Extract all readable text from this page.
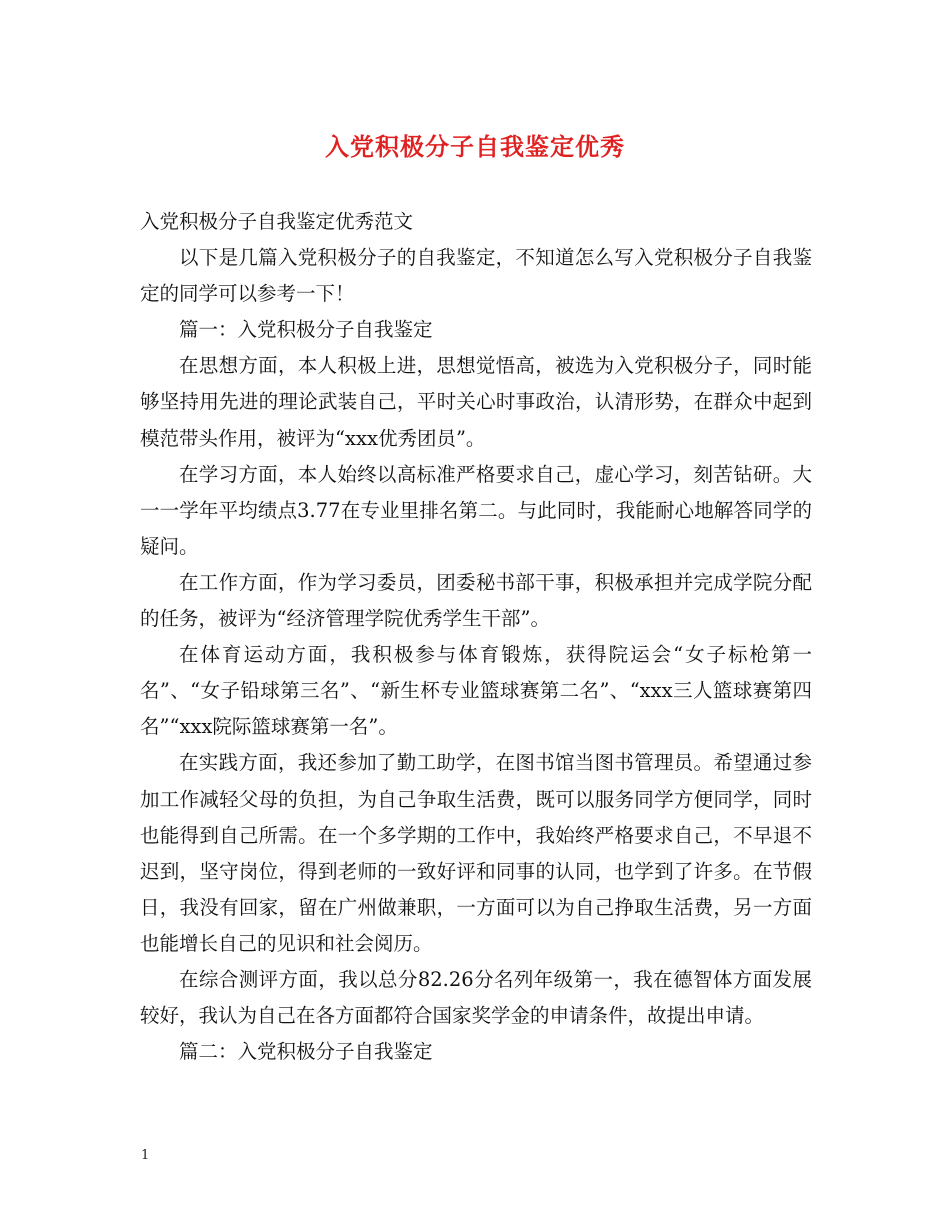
入党积极分子自我鉴定优秀

入党积极分子自我鉴定优秀范文

以下是几篇入党积极分子的自我鉴定，不知道怎么写入党积极分子自我鉴定的同学可以参考一下！

篇一：入党积极分子自我鉴定

在思想方面，本人积极上进，思想觉悟高，被选为入党积极分子，同时能够坚持用先进的理论武装自己，平时关心时事政治，认清形势，在群众中起到模范带头作用，被评为“xxx优秀团员”。

在学习方面，本人始终以高标准严格要求自己，虚心学习，刻苦钻研。大一一学年平均绩点3.77在专业里排名第二。与此同时，我能耐心地解答同学的疑问。

在工作方面，作为学习委员，团委秘书部干事，积极承担并完成学院分配的任务，被评为“经济管理学院优秀学生干部”。

在体育运动方面，我积极参与体育锻炼，获得院运会“女子标枪第一名”、“女子铅球第三名”、“新生杯专业篮球赛第二名”、“xxx三人篮球赛第四名”“xxx院际篮球赛第一名”。

在实践方面，我还参加了勤工助学，在图书馆当图书管理员。希望通过参加工作减轻父母的负担，为自己争取生活费，既可以服务同学方便同学，同时也能得到自己所需。在一个多学期的工作中，我始终严格要求自己，不早退不迟到，坚守岗位，得到老师的一致好评和同事的认同，也学到了许多。在节假日，我没有回家，留在广州做兼职，一方面可以为自己挣取生活费，另一方面也能增长自己的见识和社会阅历。

在综合测评方面，我以总分82.26分名列年级第一，我在德智体方面发展较好，我认为自己在各方面都符合国家奖学金的申请条件，故提出申请。

篇二：入党积极分子自我鉴定

1
